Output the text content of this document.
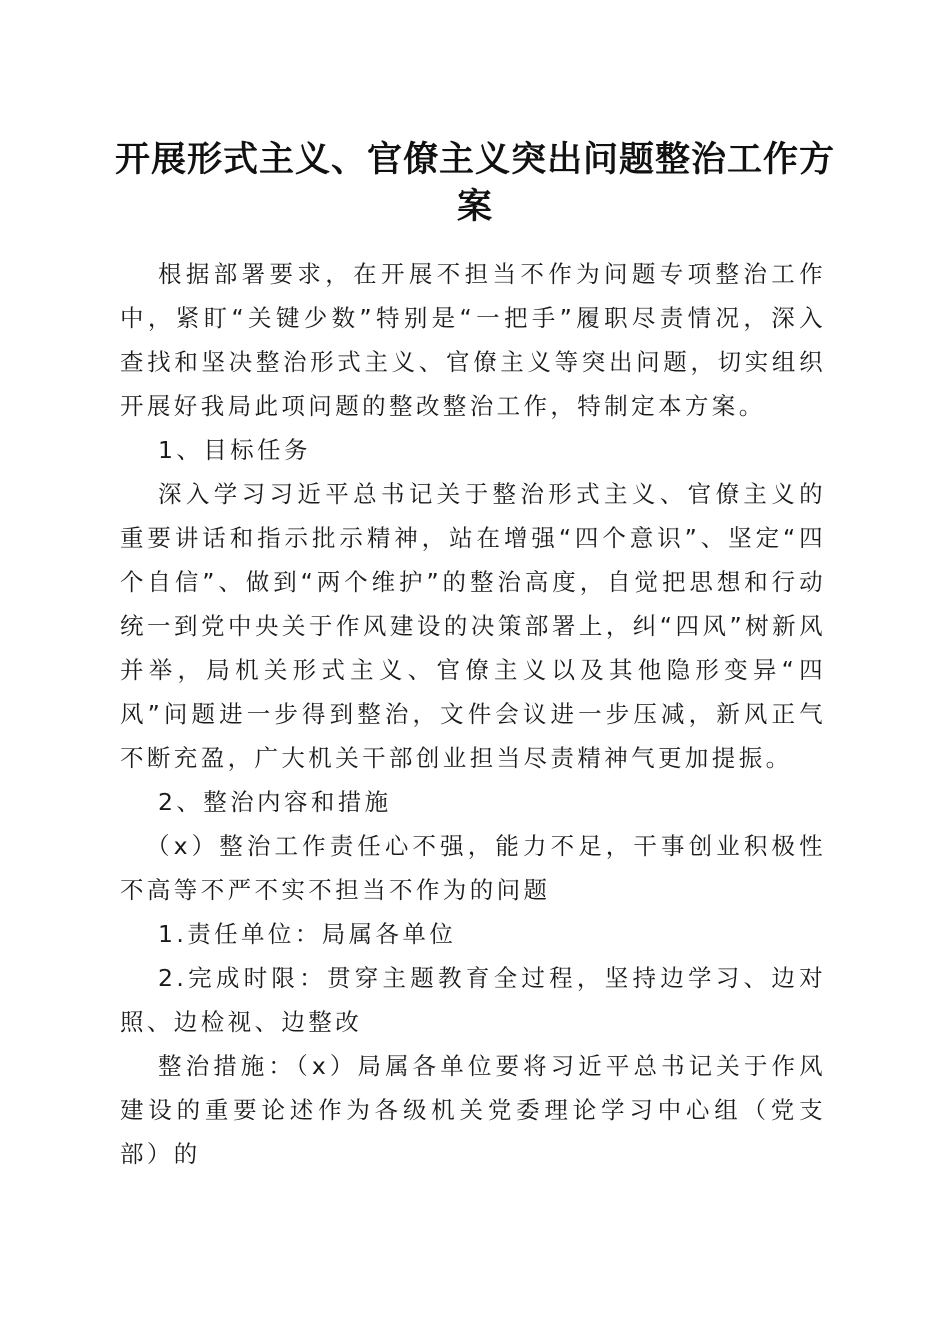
开展形式主义、官僚主义突出问题整治工作方案

根据部署要求，在开展不担当不作为问题专项整治工作中，紧盯“关键少数”特别是“一把手”履职尽责情况，深入查找和坚决整治形式主义、官僚主义等突出问题，切实组织开展好我局此项问题的整改整治工作，特制定本方案。

1、目标任务

深入学习习近平总书记关于整治形式主义、官僚主义的重要讲话和指示批示精神，站在增强“四个意识”、坚定“四个自信”、做到“两个维护”的整治高度，自觉把思想和行动统一到党中央关于作风建设的决策部署上，纠“四风”树新风并举，局机关形式主义、官僚主义以及其他隐形变异“四风”问题进一步得到整治，文件会议进一步压减，新风正气不断充盈，广大机关干部创业担当尽责精神气更加提振。

2、整治内容和措施

（x）整治工作责任心不强，能力不足，干事创业积极性不高等不严不实不担当不作为的问题

1.责任单位：局属各单位

2.完成时限：贯穿主题教育全过程，坚持边学习、边对照、边检视、边整改

整治措施：（x）局属各单位要将习近平总书记关于作风建设的重要论述作为各级机关党委理论学习中心组（党支部）的
